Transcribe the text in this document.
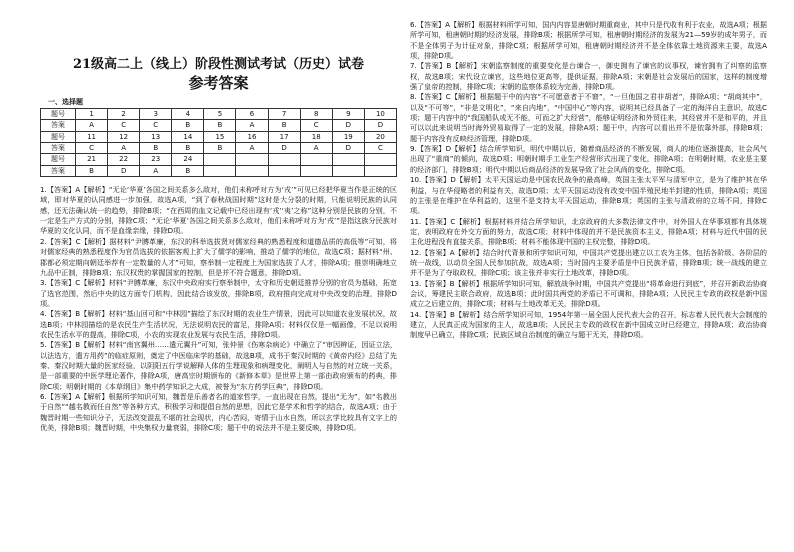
21级高二上（线上）阶段性测试考试（历史）试卷
参考答案
一、选择题
题号	1	2	3	4	5	6	7	8	9	10
答案	A	C	C	B	B	A	B	C	D	D
题号	11	12	13	14	15	16	17	18	19	20
答案	C	A	B	B	B	A	D	A	D	C
题号	21	22	23	24						
答案	B	D	A	B						

1.【答案】A【解析】“无论‘华夏’各国之间关系多么敌对，他们未称呼对方为‘戎’”可见已经把华夏当作是正统的区域，即对华夏的认同感进一步加强，故选A项，“到了春秋战国时期”这时是大分裂的时期，只能说明民族的认同感，还无法确认统一的趋势，排除B项；“在西周的血文记载中已经出现有‘戎’‘夷’之称”这种分别是民族的分别，不一定是生产方式的分别，排除C项；“无论‘华夏’各国之间关系多么敌对，他们未称呼对方为‘戎’”是指这族分民族对华夏的文化认同，而不是血缘亲缘，排除D项。

2.【答案】C【解析】据材料“尹膊革廉，东汉的科举选拔贤对儒家经典的熟悉程度和道德品质的高低等”可知，将对儒家经典的熟悉程度作为官员选拔的依据客观上扩大了儒学的影响，推动了儒学的地位，故选C项；据材料“州、郡都必须定期向朝廷举荐有一定数量的人才”可知，察举制一定程度上为国家选拔了人才，排除A项；推崇明确地立九品中正制，排除B项；东汉权贵的掌握国家的控制，但是并不符合题意，排除D项。

3.【答案】C【解析】材料“尹膊革廉，东汉中央政府实行察举制中，太守和历史朝廷推荐分别的官员为基础，拓宽了选官范围，然后中央的这方面专门机构，因此结合该发放，排除B项，政府推向完成对中央改变的治理，排除D项。

4.【答案】B【解析】材料“基山回可和“中林园”描绘了东汉时期的农业生产情景，因此可以知道农业发展状况，故选B项；中林园描绘的是农民生产生活状况，无法说明农民的富足，排除A项；材料仅仅是一幅画像，不足以说明农民生活水平的提高，排除C项，小农的实现农业发展与农民生活，排除D项。

5.【答案】B【解析】材料“南宫翼州……遣元翼升”可知，张仲景《伤寒杂病论》中确立了“审因辨证，因证立法，以法选方，遣方用药”的临症原则，奠定了中医临床学的基础，故选B项，成书于秦汉时期的《黄帝内经》总结了先秦、秦汉时期大量的医家经验，以阴阳五行学说解释人体的生理现象和病理变化，阐明人与自然的对立统一关系，是一部重要的中医学理论著作，排除A项，唐高宗时期颁布的《新修本草》是世界上第一部由政府颁布的药典，排除C项；明朝时期的《本草纲目》集中药学知识之大成，被誉为“东方药学巨典”，排除D项。

6.【答案】A【解析】根据所学知识可知，魏晋是乐善者名的道家哲学，一直出现在自然，提出“无为”，如“名教出于自然”“越名教而任自然”等各种方式，积极学习和提倡自然的思想，因此它是学术和哲学的结合，故选A项；由于魏晋时期一些知识分子，无法改变混乱不堪的社会现状，内心苦闷，寄情于山水自然，所以玄学比较具有文字上的优美，排除B项；魏晋时期，中央集权力量衰弱，排除C项；题干中的说法并不是主要反映，排除D项。

6.【答案】A【解析】根据材料所学可知，国内内容显唐朝时期重商业，其中只是代收有利于农业，故选A项；根据所学可知，租唐朝时期的经济发展，排除B项；根据所学可知，租唐朝时期经济的发展为21—59岁的成年男子，而不是全体男子为计征对象，排除C项；根据所学可知，租唐朝时期经济并不是全体依靠土地资源来主要，故选A项，排除D项。

7.【答案】B【解析】宋朝监察制度的重要变化是台谏合一，御史拥有了谏官的议事权，谏官拥有了纠察的监察权，故选B项；宋代设立谏官，这些地位更高等，提供证据，排除A项；宋朝是社会发展后的国家，这样的制度增强了皇帝的控制，排除C项；宋朝的监察体系较为完善，排除D项。

8.【答案】C【解析】根据题干中的内容“不可愿意者于不窘”，“一旦他国之君非胡者”，排除A项；“胡商其中”，以及“不可等”，“非是文明化”，“来自内地”，“中国中心”等内容，说明其已经具备了一定的海洋自主意识，故选C项；题干内容中的“我国船队或无不能，可而之扩大经营”，能够证明经济和外贸往来，其经营并不是和平的，并且可以以此来说明当时海外贸易取得了一定的发展，排除A项；题干中，内容可以看出并不是依靠外部，排除B项；题干内容没有反映经济管理，排除D项。

9.【答案】D【解析】结合所学知识，明代中期以后，随着商品经济的不断发展，商人的地位逐渐提高，社会风气出现了“重商”的倾向，故选D项；明朝时期手工业生产经营形式出现了变化，排除A项；在明朝时期，农业是主要的经济部门，排除B项；明代中期以后商品经济的发展导致了社会风尚的变化，排除C项。

10.【答案】D【解析】太平天国运动是中国农民战争的最高峰，英国主张太平军与清军中立，是为了维护其在华利益，与在华侵略者的利益有关，故选D项；太平天国运动没有改变中国半殖民地半封建的性质，排除A项；英国的主张是在维护在华利益的，这里不是支持太平天国运动，排除B项；英国的主张与清政府的立场不同，排除C项。

11.【答案】C【解析】根据材料并结合所学知识，北京政府的大多数法律文件中，对外国人在华事项都有具体规定，表明政府在外交方面的努力，故选C项；材料中体现的并不是民族资本主义，排除A项；材料与近代中国的民主化进程没有直接关系，排除B项；材料不能体现中国的主权完整，排除D项。

12.【答案】A【解析】结合时代背景和所学知识可知，中国共产党提出建立以工农为主体，包括各阶级、各阶层的统一战线，以动员全国人民参加抗战，故选A项；当时国内主要矛盾是中日民族矛盾，排除B项；统一战线的建立并不是为了夺取政权，排除C项；该主张并非实行土地改革，排除D项。

13.【答案】B【解析】根据所学知识可知，解放战争时期，中国共产党提出“将革命进行到底”，并召开新政治协商会议，筹建民主联合政府，故选B项；此时国共两党的矛盾已不可调和，排除A项；人民民主专政的政权是新中国成立之后建立的，排除C项；材料与土地改革无关，排除D项。

14.【答案】B【解析】结合所学知识可知，1954年第一届全国人民代表大会的召开，标志着人民代表大会制度的建立，人民真正成为国家的主人，故选B项；人民民主专政的政权在新中国成立时已经建立，排除A项；政治协商制度早已确立，排除C项；民族区域自治制度的确立与题干无关，排除D项。
